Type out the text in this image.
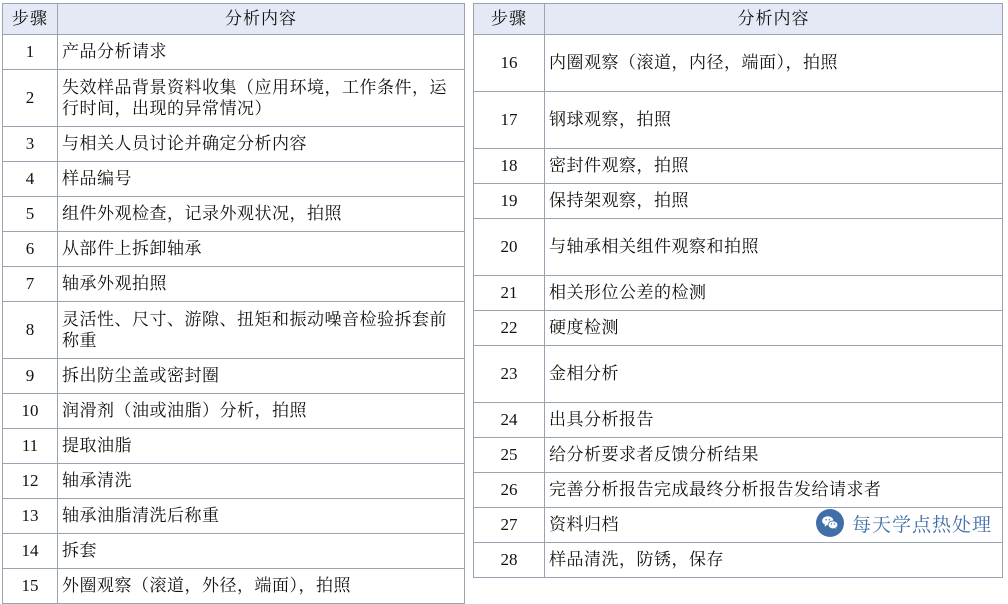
步骤	分析内容
1	产品分析请求
2	失效样品背景资料收集（应用环境，工作条件，运行时间，出现的异常情况）
3	与相关人员讨论并确定分析内容
4	样品编号
5	组件外观检查，记录外观状况，拍照
6	从部件上拆卸轴承
7	轴承外观拍照
8	灵活性、尺寸、游隙、扭矩和振动噪音检验拆套前称重
9	拆出防尘盖或密封圈
10	润滑剂（油或油脂）分析，拍照
11	提取油脂
12	轴承清洗
13	轴承油脂清洗后称重
14	拆套
15	外圈观察（滚道，外径，端面），拍照
步骤	分析内容
16	内圈观察（滚道，内径，端面），拍照
17	钢球观察，拍照
18	密封件观察，拍照
19	保持架观察，拍照
20	与轴承相关组件观察和拍照
21	相关形位公差的检测
22	硬度检测
23	金相分析
24	出具分析报告
25	给分析要求者反馈分析结果
26	完善分析报告完成最终分析报告发给请求者
27	资料归档
28	样品清洗，防锈，保存
每天学点热处理
